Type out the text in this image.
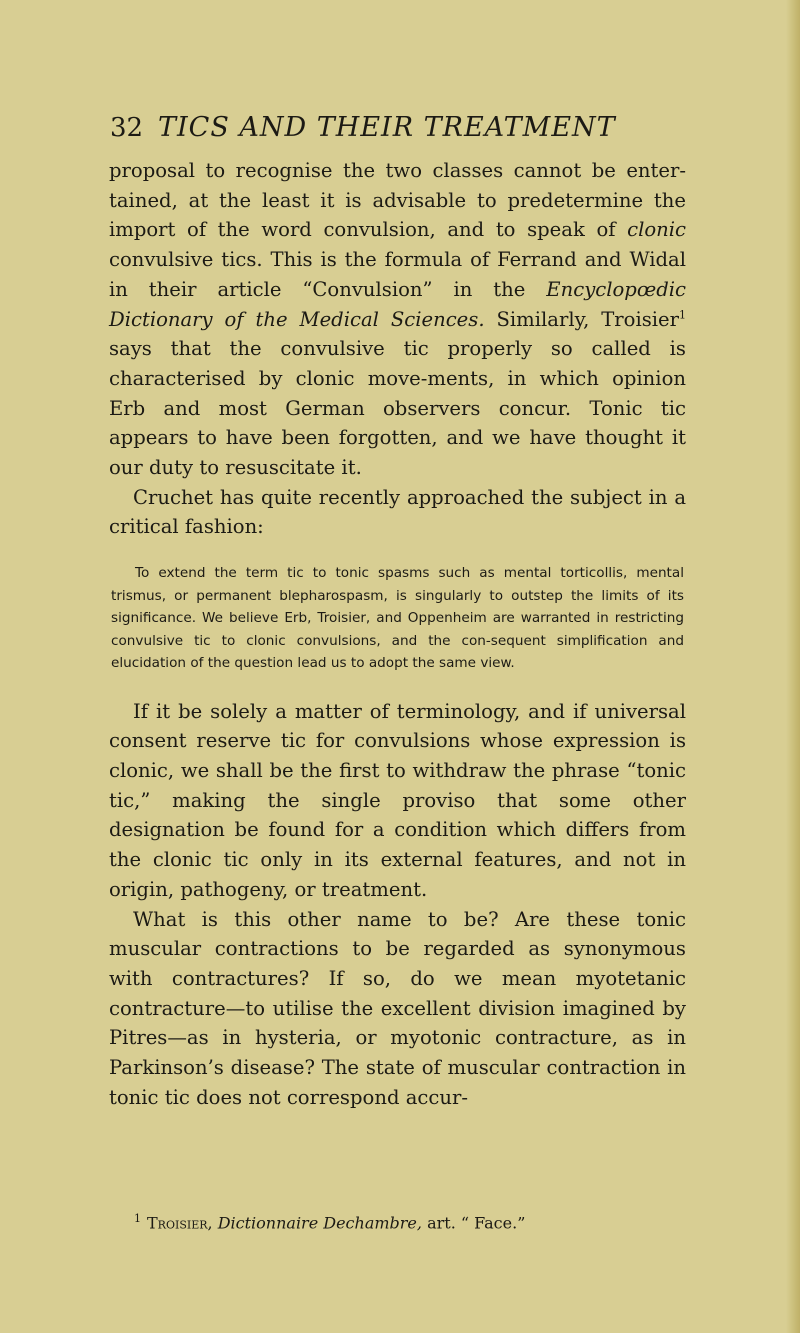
32 TICS AND THEIR TREATMENT

proposal to recognise the two classes cannot be enter-tained, at the least it is advisable to predetermine the import of the word convulsion, and to speak of clonic convulsive tics. This is the formula of Ferrand and Widal in their article “Convulsion” in the Encyclopœdic Dictionary of the Medical Sciences. Similarly, Troisier$^1$ says that the convulsive tic properly so called is characterised by clonic move-ments, in which opinion Erb and most German observers concur. Tonic tic appears to have been forgotten, and we have thought it our duty to resuscitate it.

Cruchet has quite recently approached the subject in a critical fashion:

To extend the term tic to tonic spasms such as mental torticollis, mental trismus, or permanent blepharospasm, is singularly to outstep the limits of its significance. We believe Erb, Troisier, and Oppenheim are warranted in restricting convulsive tic to clonic convulsions, and the con-sequent simplification and elucidation of the question lead us to adopt the same view.

If it be solely a matter of terminology, and if universal consent reserve tic for convulsions whose expression is clonic, we shall be the first to withdraw the phrase “tonic tic,” making the single proviso that some other designation be found for a condition which differs from the clonic tic only in its external features, and not in origin, pathogeny, or treatment.

What is this other name to be? Are these tonic muscular contractions to be regarded as synonymous with contractures? If so, do we mean myotetanic contracture—to utilise the excellent division imagined by Pitres—as in hysteria, or myotonic contracture, as in Parkinson’s disease? The state of muscular contraction in tonic tic does not correspond accur-

$^1$ Troisier, Dictionnaire Dechambre, art. “ Face.”
